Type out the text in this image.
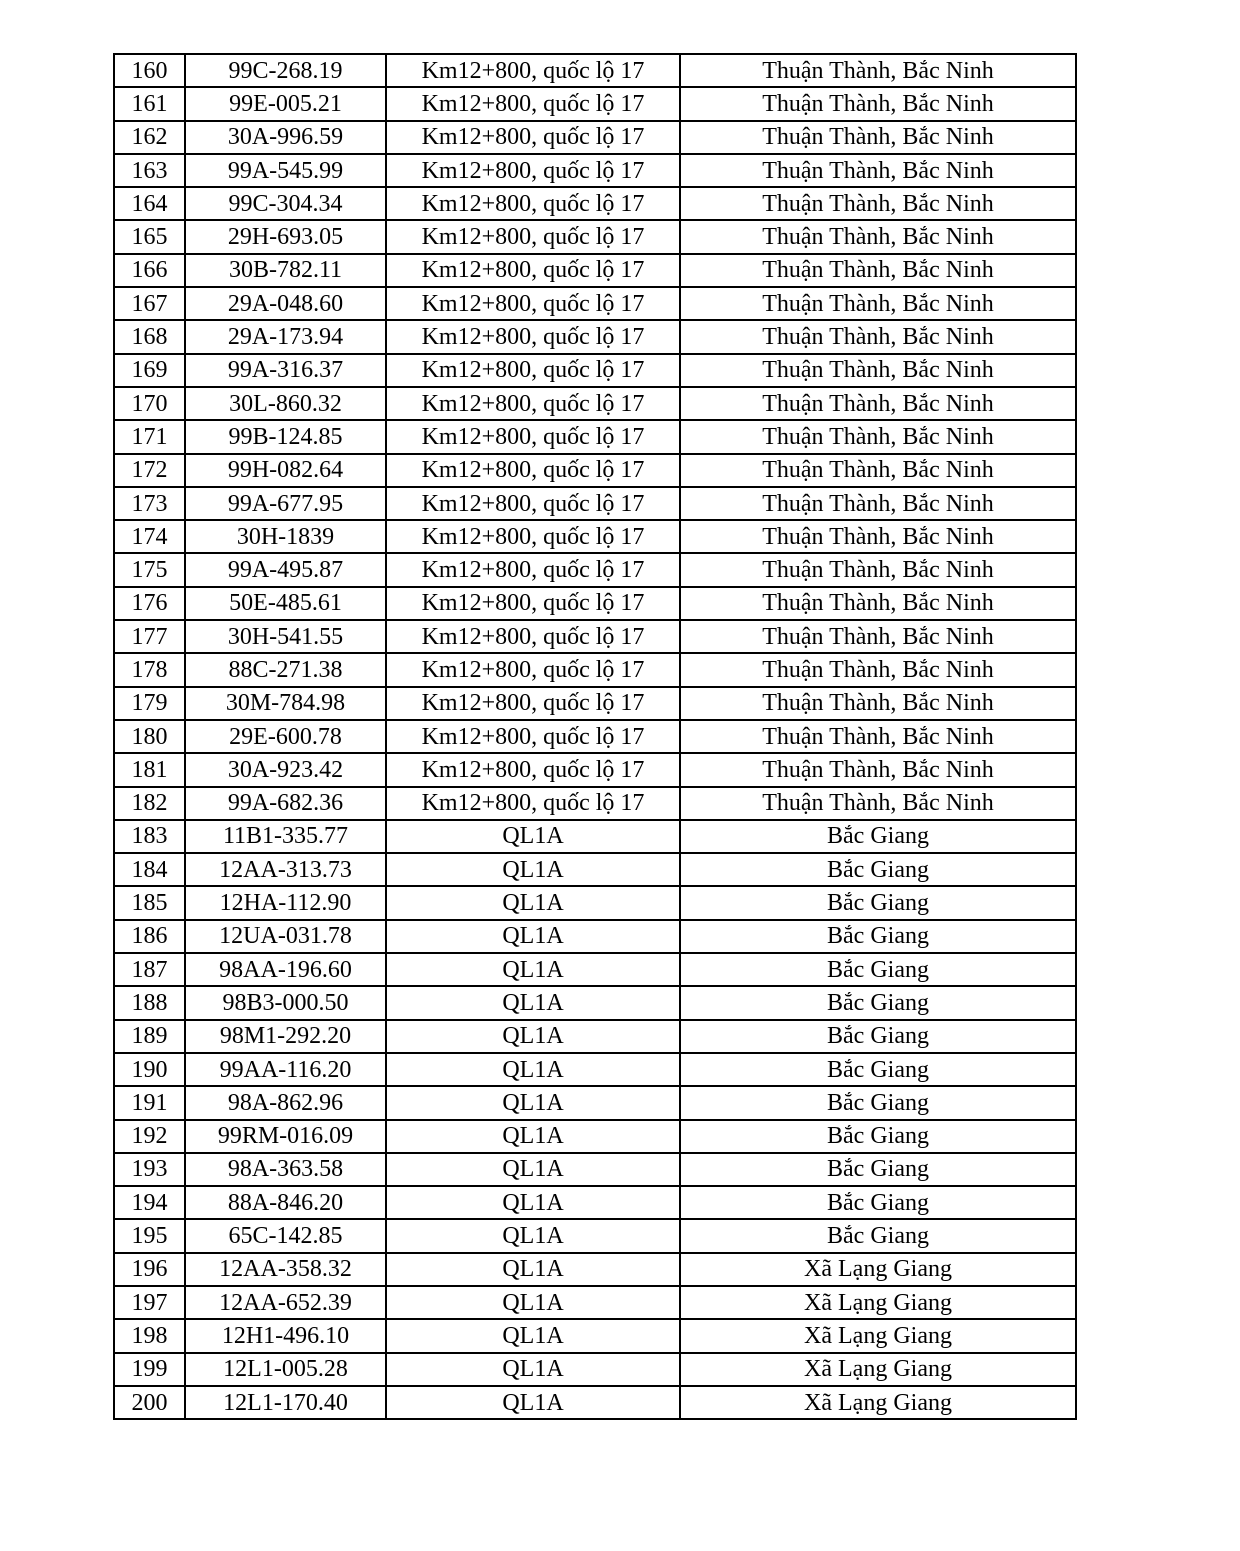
160	99C-268.19	Km12+800, quốc lộ 17	Thuận Thành, Bắc Ninh
161	99E-005.21	Km12+800, quốc lộ 17	Thuận Thành, Bắc Ninh
162	30A-996.59	Km12+800, quốc lộ 17	Thuận Thành, Bắc Ninh
163	99A-545.99	Km12+800, quốc lộ 17	Thuận Thành, Bắc Ninh
164	99C-304.34	Km12+800, quốc lộ 17	Thuận Thành, Bắc Ninh
165	29H-693.05	Km12+800, quốc lộ 17	Thuận Thành, Bắc Ninh
166	30B-782.11	Km12+800, quốc lộ 17	Thuận Thành, Bắc Ninh
167	29A-048.60	Km12+800, quốc lộ 17	Thuận Thành, Bắc Ninh
168	29A-173.94	Km12+800, quốc lộ 17	Thuận Thành, Bắc Ninh
169	99A-316.37	Km12+800, quốc lộ 17	Thuận Thành, Bắc Ninh
170	30L-860.32	Km12+800, quốc lộ 17	Thuận Thành, Bắc Ninh
171	99B-124.85	Km12+800, quốc lộ 17	Thuận Thành, Bắc Ninh
172	99H-082.64	Km12+800, quốc lộ 17	Thuận Thành, Bắc Ninh
173	99A-677.95	Km12+800, quốc lộ 17	Thuận Thành, Bắc Ninh
174	30H-1839	Km12+800, quốc lộ 17	Thuận Thành, Bắc Ninh
175	99A-495.87	Km12+800, quốc lộ 17	Thuận Thành, Bắc Ninh
176	50E-485.61	Km12+800, quốc lộ 17	Thuận Thành, Bắc Ninh
177	30H-541.55	Km12+800, quốc lộ 17	Thuận Thành, Bắc Ninh
178	88C-271.38	Km12+800, quốc lộ 17	Thuận Thành, Bắc Ninh
179	30M-784.98	Km12+800, quốc lộ 17	Thuận Thành, Bắc Ninh
180	29E-600.78	Km12+800, quốc lộ 17	Thuận Thành, Bắc Ninh
181	30A-923.42	Km12+800, quốc lộ 17	Thuận Thành, Bắc Ninh
182	99A-682.36	Km12+800, quốc lộ 17	Thuận Thành, Bắc Ninh
183	11B1-335.77	QL1A	Bắc Giang
184	12AA-313.73	QL1A	Bắc Giang
185	12HA-112.90	QL1A	Bắc Giang
186	12UA-031.78	QL1A	Bắc Giang
187	98AA-196.60	QL1A	Bắc Giang
188	98B3-000.50	QL1A	Bắc Giang
189	98M1-292.20	QL1A	Bắc Giang
190	99AA-116.20	QL1A	Bắc Giang
191	98A-862.96	QL1A	Bắc Giang
192	99RM-016.09	QL1A	Bắc Giang
193	98A-363.58	QL1A	Bắc Giang
194	88A-846.20	QL1A	Bắc Giang
195	65C-142.85	QL1A	Bắc Giang
196	12AA-358.32	QL1A	Xã Lạng Giang
197	12AA-652.39	QL1A	Xã Lạng Giang
198	12H1-496.10	QL1A	Xã Lạng Giang
199	12L1-005.28	QL1A	Xã Lạng Giang
200	12L1-170.40	QL1A	Xã Lạng Giang
